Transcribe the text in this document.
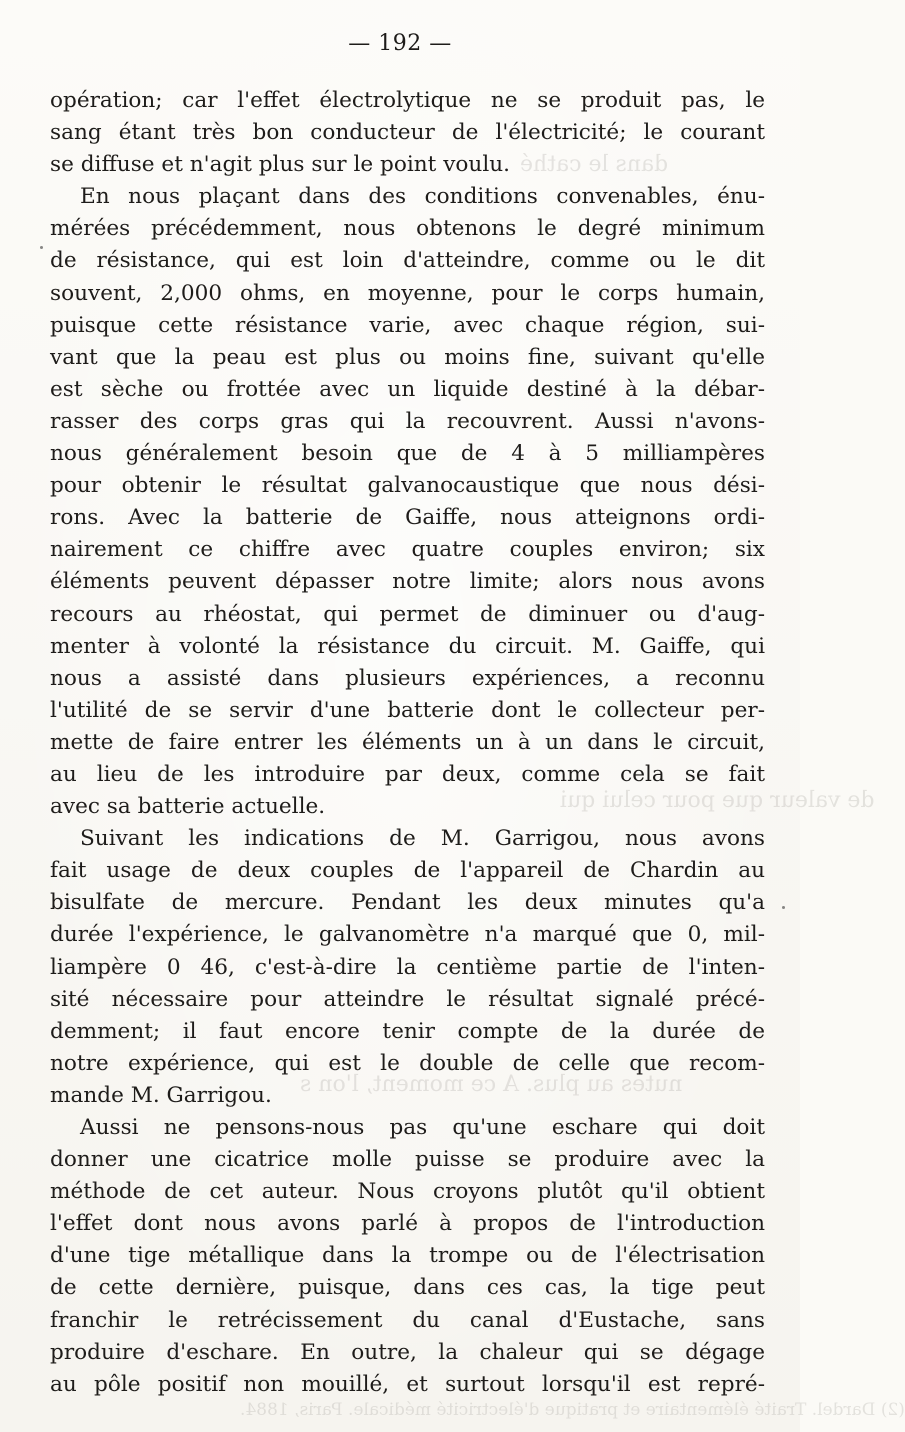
dans le cathé
de valeur que pour celui qui
nutes au plus. A ce moment, l'on s
(2) Dardel. Traité élémentaire et pratique d'électricité médicale. Paris, 1884.
— 192 —
opération; car l'effet électrolytique ne se produit pas, le
sang étant très bon conducteur de l'électricité; le courant
se diffuse et n'agit plus sur le point voulu.
En nous plaçant dans des conditions convenables, énu-
mérées précédemment, nous obtenons le degré minimum
de résistance, qui est loin d'atteindre, comme ou le dit
souvent, 2,000 ohms, en moyenne, pour le corps humain,
puisque cette résistance varie, avec chaque région, sui-
vant que la peau est plus ou moins fine, suivant qu'elle
est sèche ou frottée avec un liquide destiné à la débar-
rasser des corps gras qui la recouvrent. Aussi n'avons-
nous généralement besoin que de 4 à 5 milliampères
pour obtenir le résultat galvanocaustique que nous dési-
rons. Avec la batterie de Gaiffe, nous atteignons ordi-
nairement ce chiffre avec quatre couples environ; six
éléments peuvent dépasser notre limite; alors nous avons
recours au rhéostat, qui permet de diminuer ou d'aug-
menter à volonté la résistance du circuit. M. Gaiffe, qui
nous a assisté dans plusieurs expériences, a reconnu
l'utilité de se servir d'une batterie dont le collecteur per-
mette de faire entrer les éléments un à un dans le circuit,
au lieu de les introduire par deux, comme cela se fait
avec sa batterie actuelle.
Suivant les indications de M. Garrigou, nous avons
fait usage de deux couples de l'appareil de Chardin au
bisulfate de mercure. Pendant les deux minutes qu'a
durée l'expérience, le galvanomètre n'a marqué que 0, mil-
liampère 0 46, c'est-à-dire la centième partie de l'inten-
sité nécessaire pour atteindre le résultat signalé précé-
demment; il faut encore tenir compte de la durée de
notre expérience, qui est le double de celle que recom-
mande M. Garrigou.
Aussi ne pensons-nous pas qu'une eschare qui doit
donner une cicatrice molle puisse se produire avec la
méthode de cet auteur. Nous croyons plutôt qu'il obtient
l'effet dont nous avons parlé à propos de l'introduction
d'une tige métallique dans la trompe ou de l'électrisation
de cette dernière, puisque, dans ces cas, la tige peut
franchir le retrécissement du canal d'Eustache, sans
produire d'eschare. En outre, la chaleur qui se dégage
au pôle positif non mouillé, et surtout lorsqu'il est repré-
